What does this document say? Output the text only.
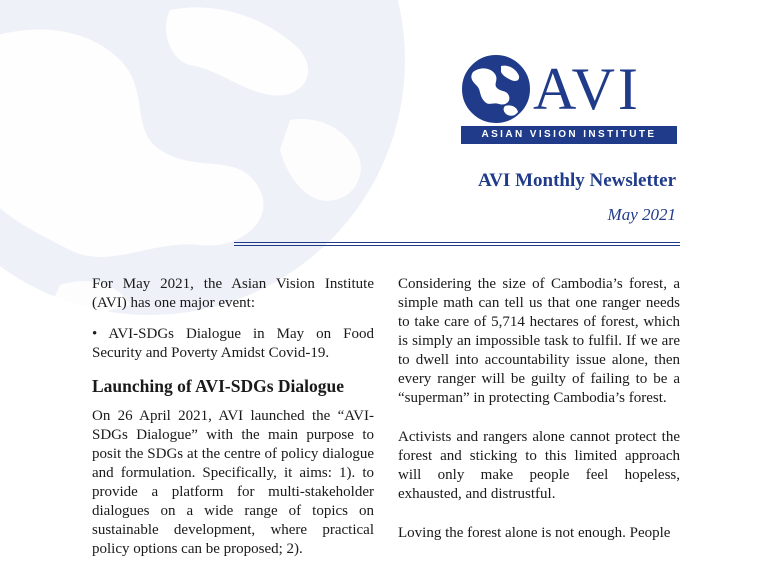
AVI
ASIAN VISION INSTITUTE
AVI Monthly Newsletter
May 2021

For May 2021, the Asian Vision Institute (AVI) has one major event:

• AVI-SDGs Dialogue in May on Food Security and Poverty Amidst Covid-19.

Launching of AVI-SDGs Dialogue

On 26 April 2021, AVI launched the “AVI-SDGs Dialogue” with the main purpose to posit the SDGs at the centre of policy dialogue and formulation. Specifically, it aims: 1). to provide a platform for multi-stakeholder dialogues on a wide range of topics on sustainable development, where practical policy options can be proposed; 2).

Considering the size of Cambodia’s forest, a simple math can tell us that one ranger needs to take care of 5,714 hectares of forest, which is simply an impossible task to fulfil. If we are to dwell into accountability issue alone, then every ranger will be guilty of failing to be a “superman” in protecting Cambodia’s forest.

Activists and rangers alone cannot protect the forest and sticking to this limited approach will only make people feel hopeless, exhausted, and distrustful.

Loving the forest alone is not enough. People
